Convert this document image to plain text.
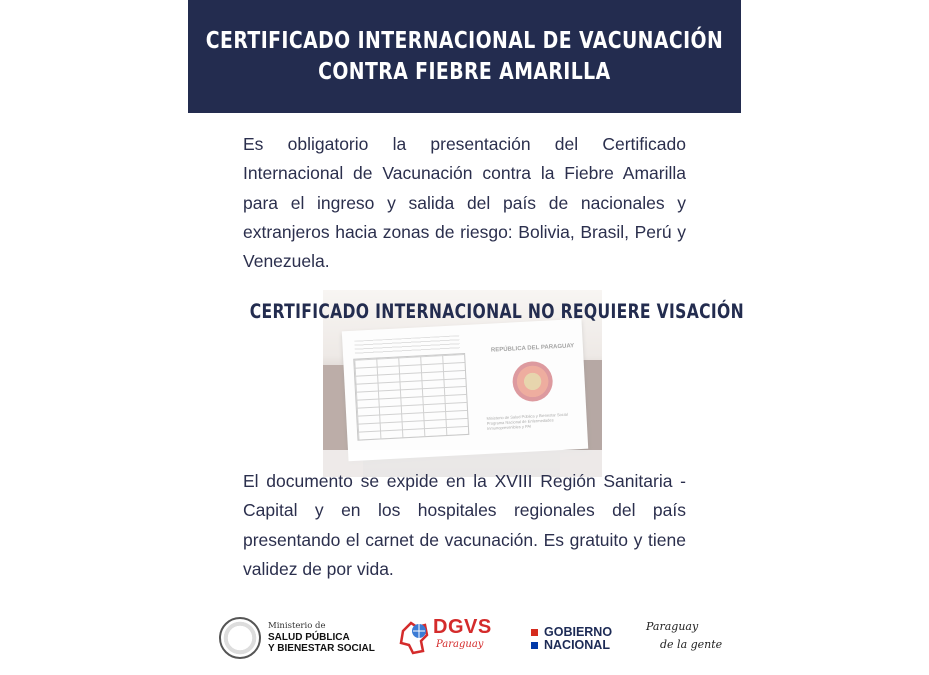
CERTIFICADO INTERNACIONAL DE VACUNACIÓN
CONTRA FIEBRE AMARILLA
Es obligatorio la presentación del Certificado Internacional de Vacunación contra la Fiebre Amarilla para el ingreso y salida del país de nacionales y extranjeros hacia zonas de riesgo: Bolivia, Brasil, Perú y Venezuela.
CERTIFICADO INTERNACIONAL NO REQUIERE VISACIÓN
El documento se expide en la XVIII Región Sanitaria - Capital y en los hospitales regionales del país presentando el carnet de vacunación. Es gratuito y tiene validez de por vida.
Ministerio de
SALUD PÚBLICA
Y BIENESTAR SOCIAL
DGVS
Paraguay
GOBIERNO
NACIONAL
Paraguay
de la gente
